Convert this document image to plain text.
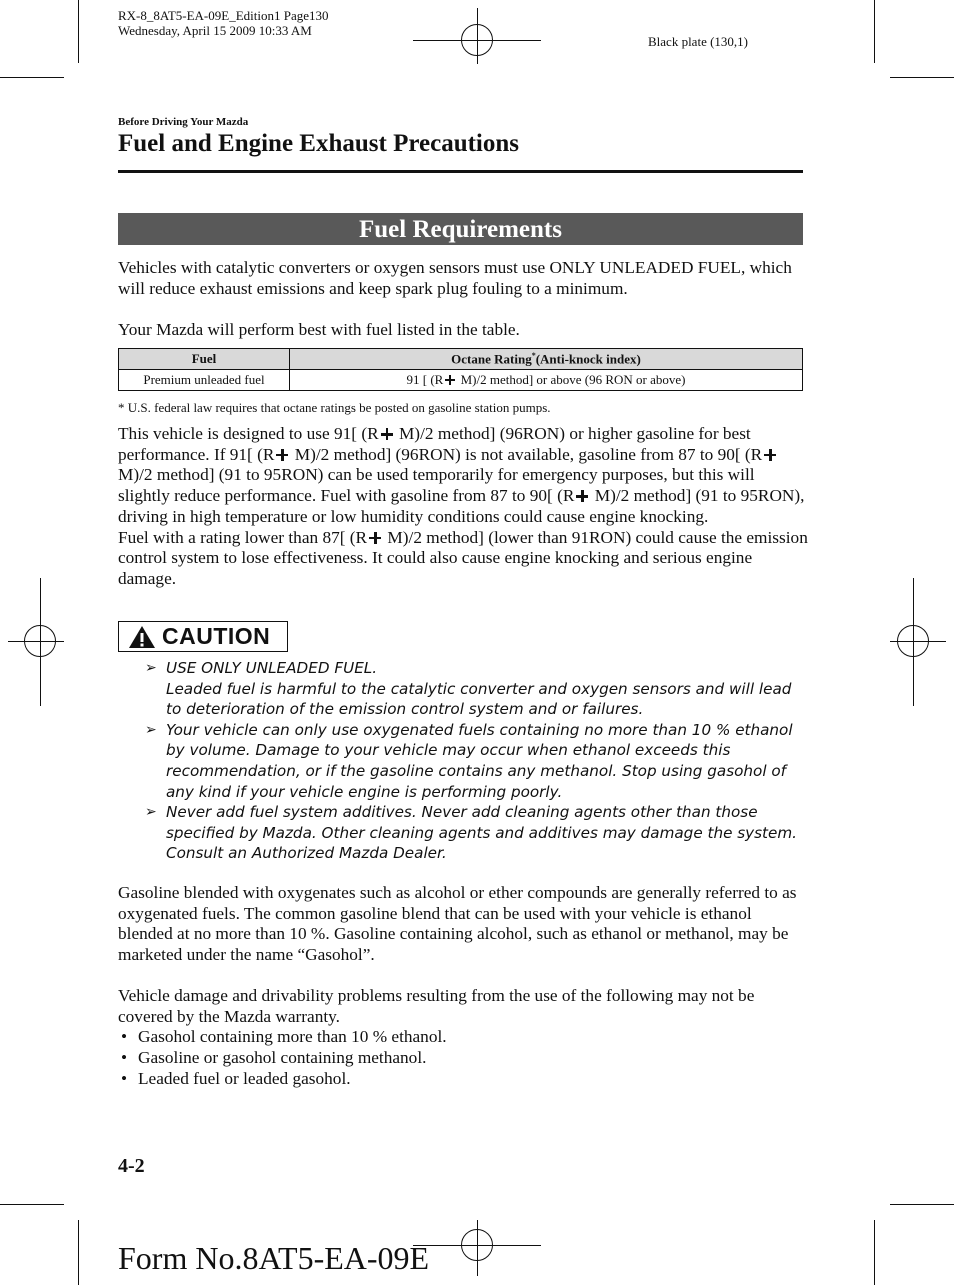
RX-8_8AT5-EA-09E_Edition1 Page130
Wednesday, April 15 2009 10:33 AM
Black plate (130,1)
Before Driving Your Mazda
Fuel and Engine Exhaust Precautions
Fuel Requirements

Vehicles with catalytic converters or oxygen sensors must use ONLY UNLEADED FUEL, which will reduce exhaust emissions and keep spark plug fouling to a minimum.

Your Mazda will perform best with fuel listed in the table.

Fuel	Octane Rating*(Anti-knock index)
Premium unleaded fuel	91 [ (R M)/2 method] or above (96 RON or above)
* U.S. federal law requires that octane ratings be posted on gasoline station pumps.

This vehicle is designed to use 91[ (R M)/2 method] (96RON) or higher gasoline for best performance. If 91[ (R M)/2 method] (96RON) is not available, gasoline from 87 to 90[ (R M)/2 method] (91 to 95RON) can be used temporarily for emergency purposes, but this will slightly reduce performance. Fuel with gasoline from 87 to 90[ (R M)/2 method] (91 to 95RON), driving in high temperature or low humidity conditions could cause engine knocking.

Fuel with a rating lower than 87[ (R M)/2 method] (lower than 91RON) could cause the emission control system to lose effectiveness. It could also cause engine knocking and serious engine damage.

CAUTION
➢ USE ONLY UNLEADED FUEL.
Leaded fuel is harmful to the catalytic converter and oxygen sensors and will lead to deterioration of the emission control system and or failures.
➢ Your vehicle can only use oxygenated fuels containing no more than 10 % ethanol by volume. Damage to your vehicle may occur when ethanol exceeds this recommendation, or if the gasoline contains any methanol. Stop using gasohol of any kind if your vehicle engine is performing poorly.
➢ Never add fuel system additives. Never add cleaning agents other than those specified by Mazda. Other cleaning agents and additives may damage the system. Consult an Authorized Mazda Dealer.

Gasoline blended with oxygenates such as alcohol or ether compounds are generally referred to as oxygenated fuels. The common gasoline blend that can be used with your vehicle is ethanol blended at no more than 10 %. Gasoline containing alcohol, such as ethanol or methanol, may be marketed under the name “Gasohol”.

Vehicle damage and drivability problems resulting from the use of the following may not be covered by the Mazda warranty.

• Gasohol containing more than 10 % ethanol.
• Gasoline or gasohol containing methanol.
• Leaded fuel or leaded gasohol.
4-2
Form No.8AT5-EA-09E
